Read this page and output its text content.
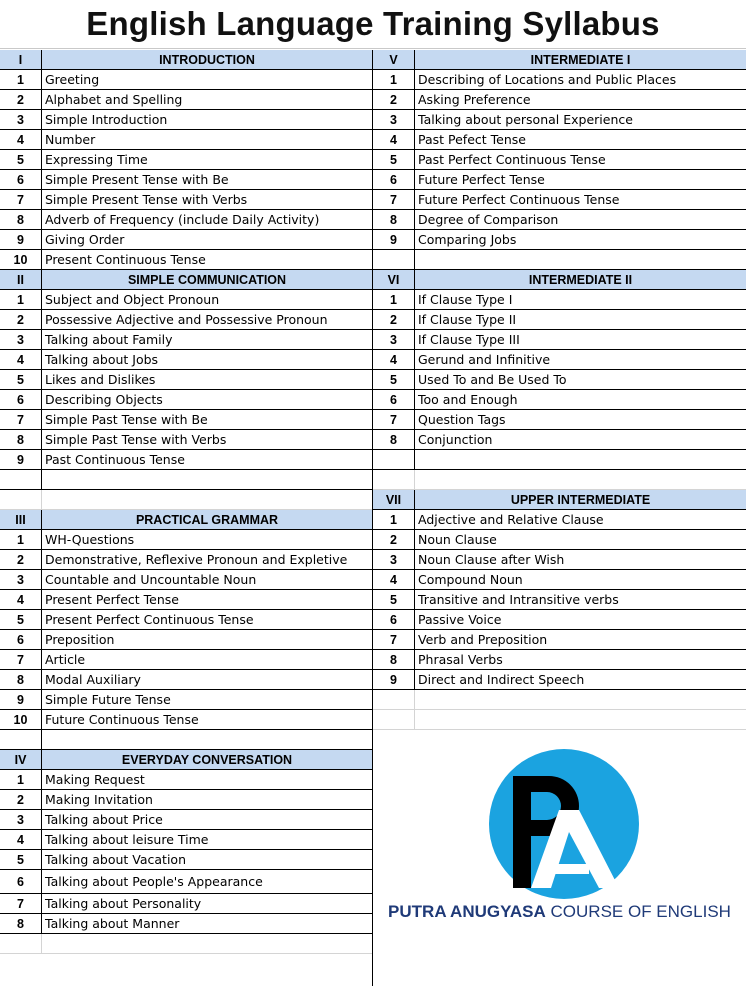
English Language Training Syllabus
I	INTRODUCTION
1	Greeting
2	Alphabet and Spelling
3	Simple Introduction
4	Number
5	Expressing Time
6	Simple Present Tense with Be
7	Simple Present Tense with Verbs
8	Adverb of Frequency (include Daily Activity)
9	Giving Order
10	Present Continuous Tense
II	SIMPLE COMMUNICATION
1	Subject and Object Pronoun
2	Possessive Adjective and Possessive Pronoun
3	Talking about Family
4	Talking about Jobs
5	Likes and Dislikes
6	Describing Objects
7	Simple Past Tense with Be
8	Simple Past Tense with Verbs
9	Past Continuous Tense
III	PRACTICAL GRAMMAR
1	WH-Questions
2	Demonstrative, Reflexive Pronoun and Expletive
3	Countable and Uncountable Noun
4	Present Perfect Tense
5	Present Perfect Continuous Tense
6	Preposition
7	Article
8	Modal Auxiliary
9	Simple Future Tense
10	Future Continuous Tense
IV	EVERYDAY CONVERSATION
1	Making Request
2	Making Invitation
3	Talking about Price
4	Talking about leisure Time
5	Talking about Vacation
6	Talking about People's Appearance
7	Talking about Personality
8	Talking about Manner
V	INTERMEDIATE I
1	Describing of Locations and Public Places
2	Asking Preference
3	Talking about personal Experience
4	Past Pefect Tense
5	Past Perfect Continuous Tense
6	Future Perfect Tense
7	Future Perfect Continuous Tense
8	Degree of Comparison
9	Comparing Jobs
VI	INTERMEDIATE II
1	If Clause Type I
2	If Clause Type II
3	If Clause Type III
4	Gerund and Infinitive
5	Used To and Be Used To
6	Too and Enough
7	Question Tags
8	Conjunction
VII	UPPER INTERMEDIATE
1	Adjective and Relative Clause
2	Noun Clause
3	Noun Clause after Wish
4	Compound Noun
5	Transitive and Intransitive verbs
6	Passive Voice
7	Verb and Preposition
8	Phrasal Verbs
9	Direct and Indirect Speech
PUTRA ANUGYASA COURSE OF ENGLISH
